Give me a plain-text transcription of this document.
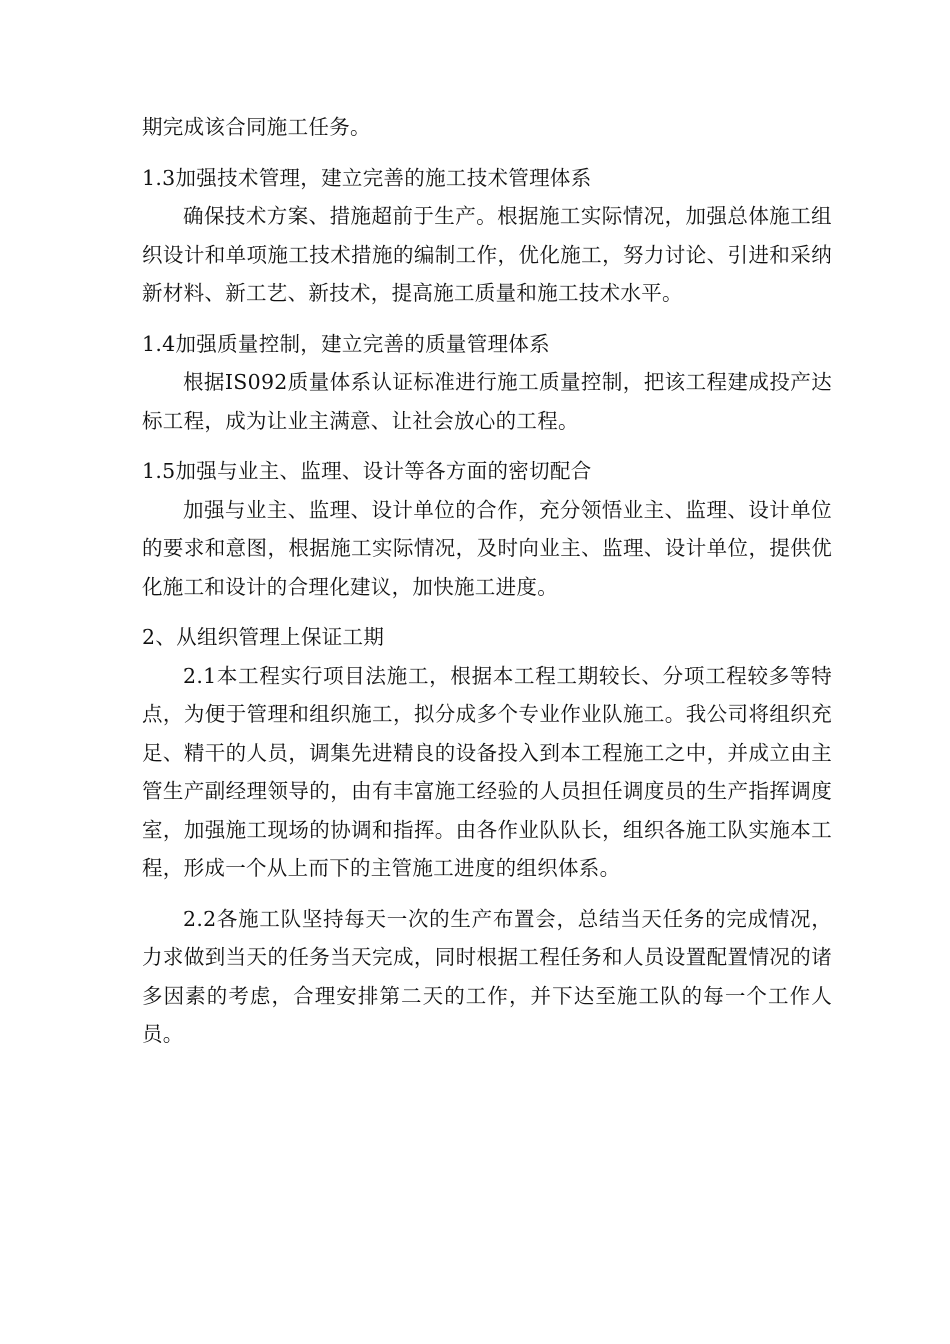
期完成该合同施工任务。

1.3加强技术管理，建立完善的施工技术管理体系

确保技术方案、措施超前于生产。根据施工实际情况，加强总体施工组织设计和单项施工技术措施的编制工作，优化施工，努力讨论、引进和采纳新材料、新工艺、新技术，提高施工质量和施工技术水平。

1.4加强质量控制，建立完善的质量管理体系

根据IS092质量体系认证标准进行施工质量控制，把该工程建成投产达标工程，成为让业主满意、让社会放心的工程。

1.5加强与业主、监理、设计等各方面的密切配合

加强与业主、监理、设计单位的合作，充分领悟业主、监理、设计单位的要求和意图，根据施工实际情况，及时向业主、监理、设计单位，提供优化施工和设计的合理化建议，加快施工进度。

2、从组织管理上保证工期

2.1本工程实行项目法施工，根据本工程工期较长、分项工程较多等特点，为便于管理和组织施工，拟分成多个专业作业队施工。我公司将组织充足、精干的人员，调集先进精良的设备投入到本工程施工之中，并成立由主管生产副经理领导的，由有丰富施工经验的人员担任调度员的生产指挥调度室，加强施工现场的协调和指挥。由各作业队队长，组织各施工队实施本工程，形成一个从上而下的主管施工进度的组织体系。

2.2各施工队坚持每天一次的生产布置会，总结当天任务的完成情况，力求做到当天的任务当天完成，同时根据工程任务和人员设置配置情况的诸多因素的考虑，合理安排第二天的工作，并下达至施工队的每一个工作人员。
